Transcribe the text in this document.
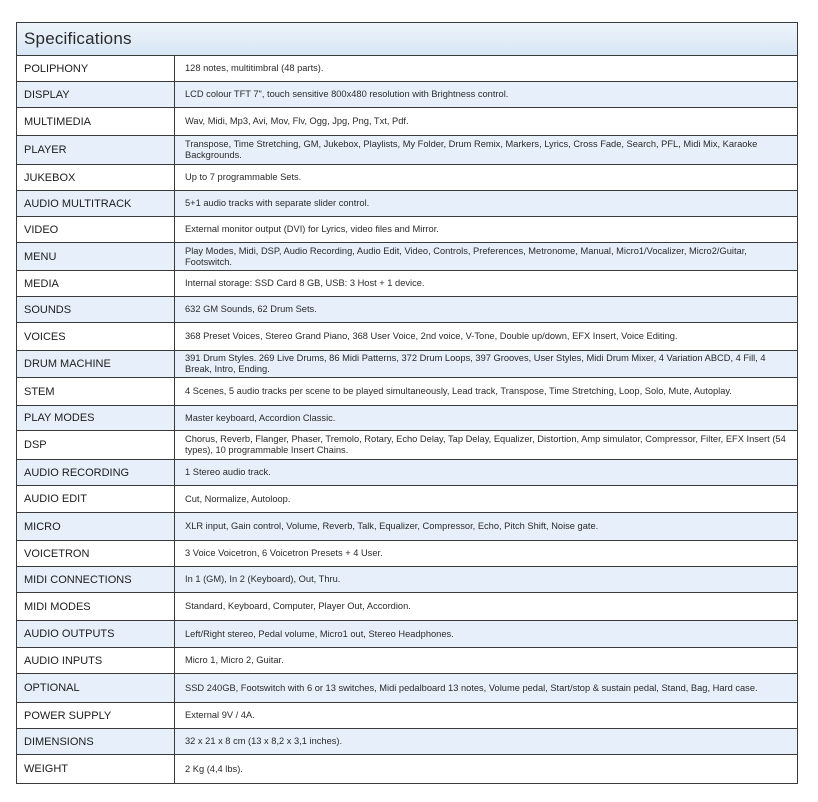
Specifications
POLIPHONY	128 notes, multitimbral (48 parts).
DISPLAY	LCD colour TFT 7", touch sensitive 800x480 resolution with Brightness control.
MULTIMEDIA	Wav, Midi, Mp3, Avi, Mov, Flv, Ogg, Jpg, Png, Txt, Pdf.
PLAYER	Transpose, Time Stretching, GM, Jukebox, Playlists, My Folder, Drum Remix, Markers, Lyrics, Cross Fade, Search, PFL, Midi Mix, Karaoke Backgrounds.
JUKEBOX	Up to 7 programmable Sets.
AUDIO MULTITRACK	5+1 audio tracks with separate slider control.
VIDEO	External monitor output (DVI) for Lyrics, video files and Mirror.
MENU	Play Modes, Midi, DSP, Audio Recording, Audio Edit, Video, Controls, Preferences, Metronome, Manual, Micro1/Vocalizer, Micro2/Guitar, Footswitch.
MEDIA	Internal storage: SSD Card 8 GB, USB: 3 Host + 1 device.
SOUNDS	632 GM Sounds, 62 Drum Sets.
VOICES	368 Preset Voices, Stereo Grand Piano, 368 User Voice, 2nd voice, V-Tone, Double up/down, EFX Insert, Voice Editing.
DRUM MACHINE	391 Drum Styles. 269 Live Drums, 86 Midi Patterns, 372 Drum Loops, 397 Grooves, User Styles, Midi Drum Mixer, 4 Variation ABCD, 4 Fill, 4 Break, Intro, Ending.
STEM	4 Scenes, 5 audio tracks per scene to be played simultaneously, Lead track, Transpose, Time Stretching, Loop, Solo, Mute, Autoplay.
PLAY MODES	Master keyboard, Accordion Classic.
DSP	Chorus, Reverb, Flanger, Phaser, Tremolo, Rotary, Echo Delay, Tap Delay, Equalizer, Distortion, Amp simulator, Compressor, Filter, EFX Insert (54 types), 10 programmable Insert Chains.
AUDIO RECORDING	1 Stereo audio track.
AUDIO EDIT	Cut, Normalize, Autoloop.
MICRO	XLR input, Gain control, Volume, Reverb, Talk, Equalizer, Compressor, Echo, Pitch Shift, Noise gate.
VOICETRON	3 Voice Voicetron, 6 Voicetron Presets + 4 User.
MIDI CONNECTIONS	In 1 (GM), In 2 (Keyboard), Out, Thru.
MIDI MODES	Standard, Keyboard, Computer, Player Out, Accordion.
AUDIO OUTPUTS	Left/Right stereo, Pedal volume, Micro1 out, Stereo Headphones.
AUDIO INPUTS	Micro 1, Micro 2, Guitar.
OPTIONAL	SSD 240GB, Footswitch with 6 or 13 switches, Midi pedalboard 13 notes, Volume pedal, Start/stop & sustain pedal, Stand, Bag, Hard case.
POWER SUPPLY	External 9V / 4A.
DIMENSIONS	32 x 21 x 8 cm (13 x 8,2 x 3,1 inches).
WEIGHT	2 Kg (4,4 lbs).
